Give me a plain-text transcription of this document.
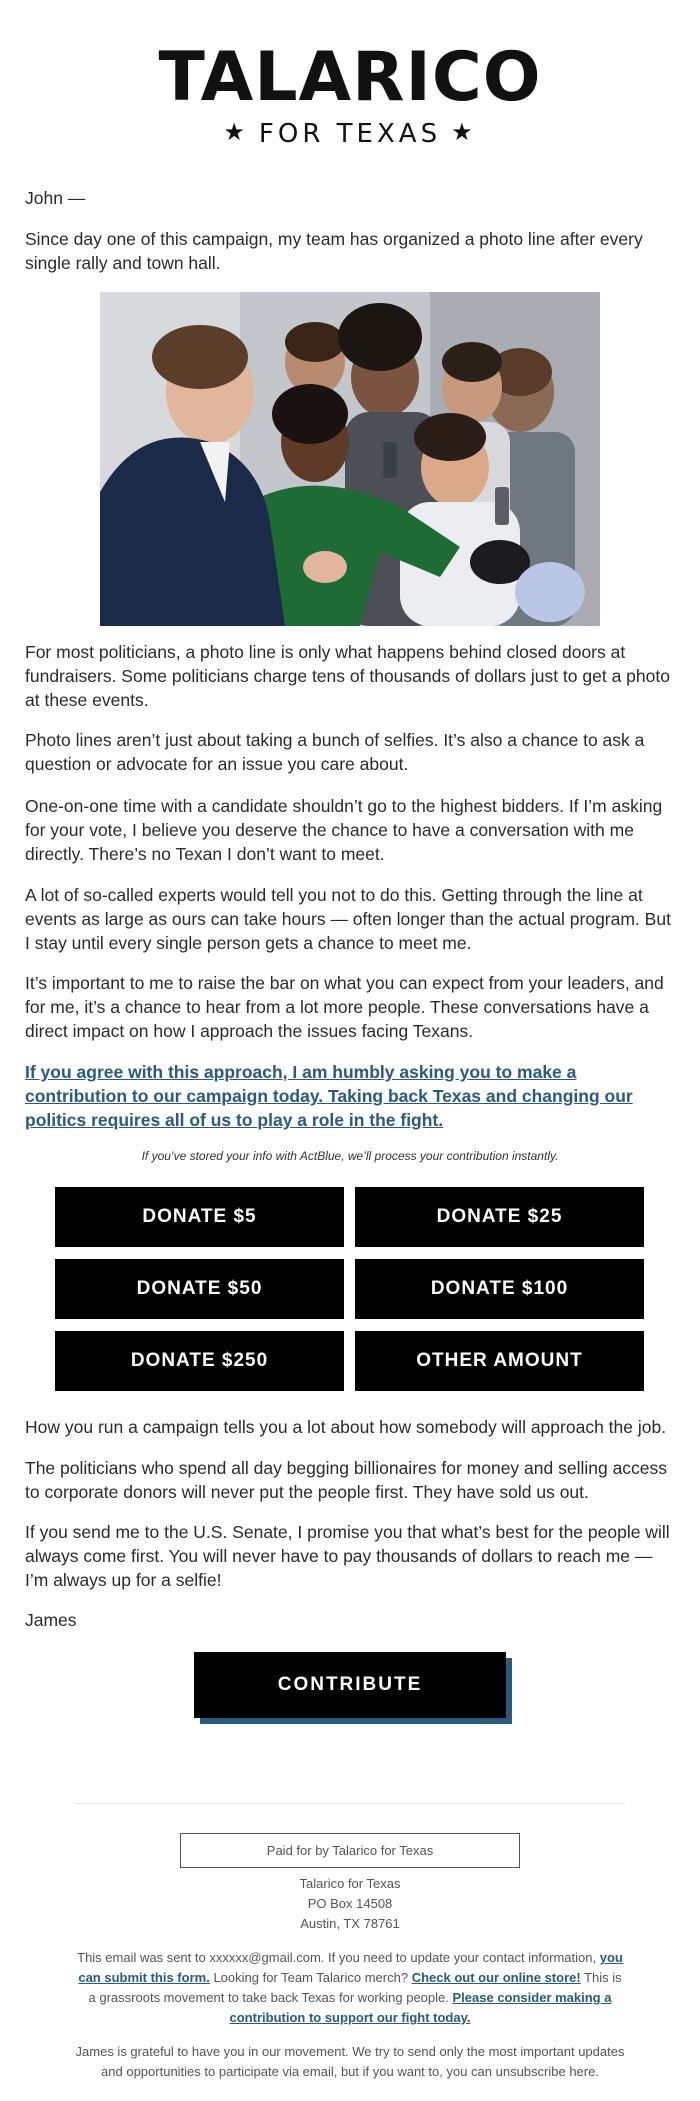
TALARICO
★ FOR TEXAS ★
John —
Since day one of this campaign, my team has organized a photo line after every single rally and town hall.
For most politicians, a photo line is only what happens behind closed doors at fundraisers. Some politicians charge tens of thousands of dollars just to get a photo at these events.
Photo lines aren’t just about taking a bunch of selfies. It’s also a chance to ask a question or advocate for an issue you care about.
One-on-one time with a candidate shouldn’t go to the highest bidders. If I’m asking for your vote, I believe you deserve the chance to have a conversation with me directly. There’s no Texan I don’t want to meet.
A lot of so-called experts would tell you not to do this. Getting through the line at events as large as ours can take hours — often longer than the actual program. But I stay until every single person gets a chance to meet me.
It’s important to me to raise the bar on what you can expect from your leaders, and for me, it’s a chance to hear from a lot more people. These conversations have a direct impact on how I approach the issues facing Texans.
If you agree with this approach, I am humbly asking you to make a contribution to our campaign today. Taking back Texas and changing our politics requires all of us to play a role in the fight.
If you’ve stored your info with ActBlue, we’ll process your contribution instantly.
DONATE $5	DONATE $25
DONATE $50	DONATE $100
DONATE $250	OTHER AMOUNT
How you run a campaign tells you a lot about how somebody will approach the job.
The politicians who spend all day begging billionaires for money and selling access to corporate donors will never put the people first. They have sold us out.
If you send me to the U.S. Senate, I promise you that what’s best for the people will always come first. You will never have to pay thousands of dollars to reach me — I’m always up for a selfie!
James
CONTRIBUTE
Paid for by Talarico for Texas
Talarico for Texas
PO Box 14508
Austin, TX 78761
This email was sent to xxxxxx@gmail.com. If you need to update your contact information, you can submit this form. Looking for Team Talarico merch? Check out our online store! This is a grassroots movement to take back Texas for working people. Please consider making a contribution to support our fight today.
James is grateful to have you in our movement. We try to send only the most important updates and opportunities to participate via email, but if you want to, you can unsubscribe here.
